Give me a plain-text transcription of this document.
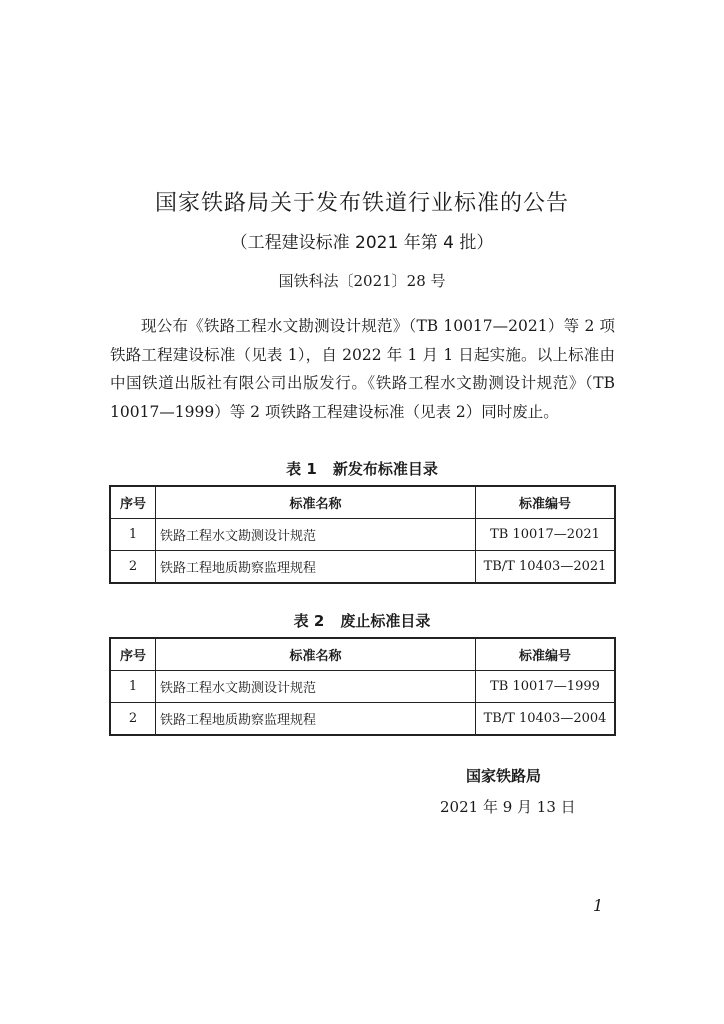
国家铁路局关于发布铁道行业标准的公告
（工程建设标准 2021 年第 4 批）
国铁科法〔2021〕28 号

现公布《铁路工程水文勘测设计规范》（TB 10017—2021）等 2 项铁路工程建设标准（见表 1），自 2022 年 1 月 1 日起实施。以上标准由中国铁道出版社有限公司出版发行。《铁路工程水文勘测设计规范》（TB 10017—1999）等 2 项铁路工程建设标准（见表 2）同时废止。

表 1 新发布标准目录
序号	标准名称	标准编号
1	铁路工程水文勘测设计规范	TB 10017—2021
2	铁路工程地质勘察监理规程	TB/T 10403—2021
表 2 废止标准目录
序号	标准名称	标准编号
1	铁路工程水文勘测设计规范	TB 10017—1999
2	铁路工程地质勘察监理规程	TB/T 10403—2004
国家铁路局
2021 年 9 月 13 日
1
